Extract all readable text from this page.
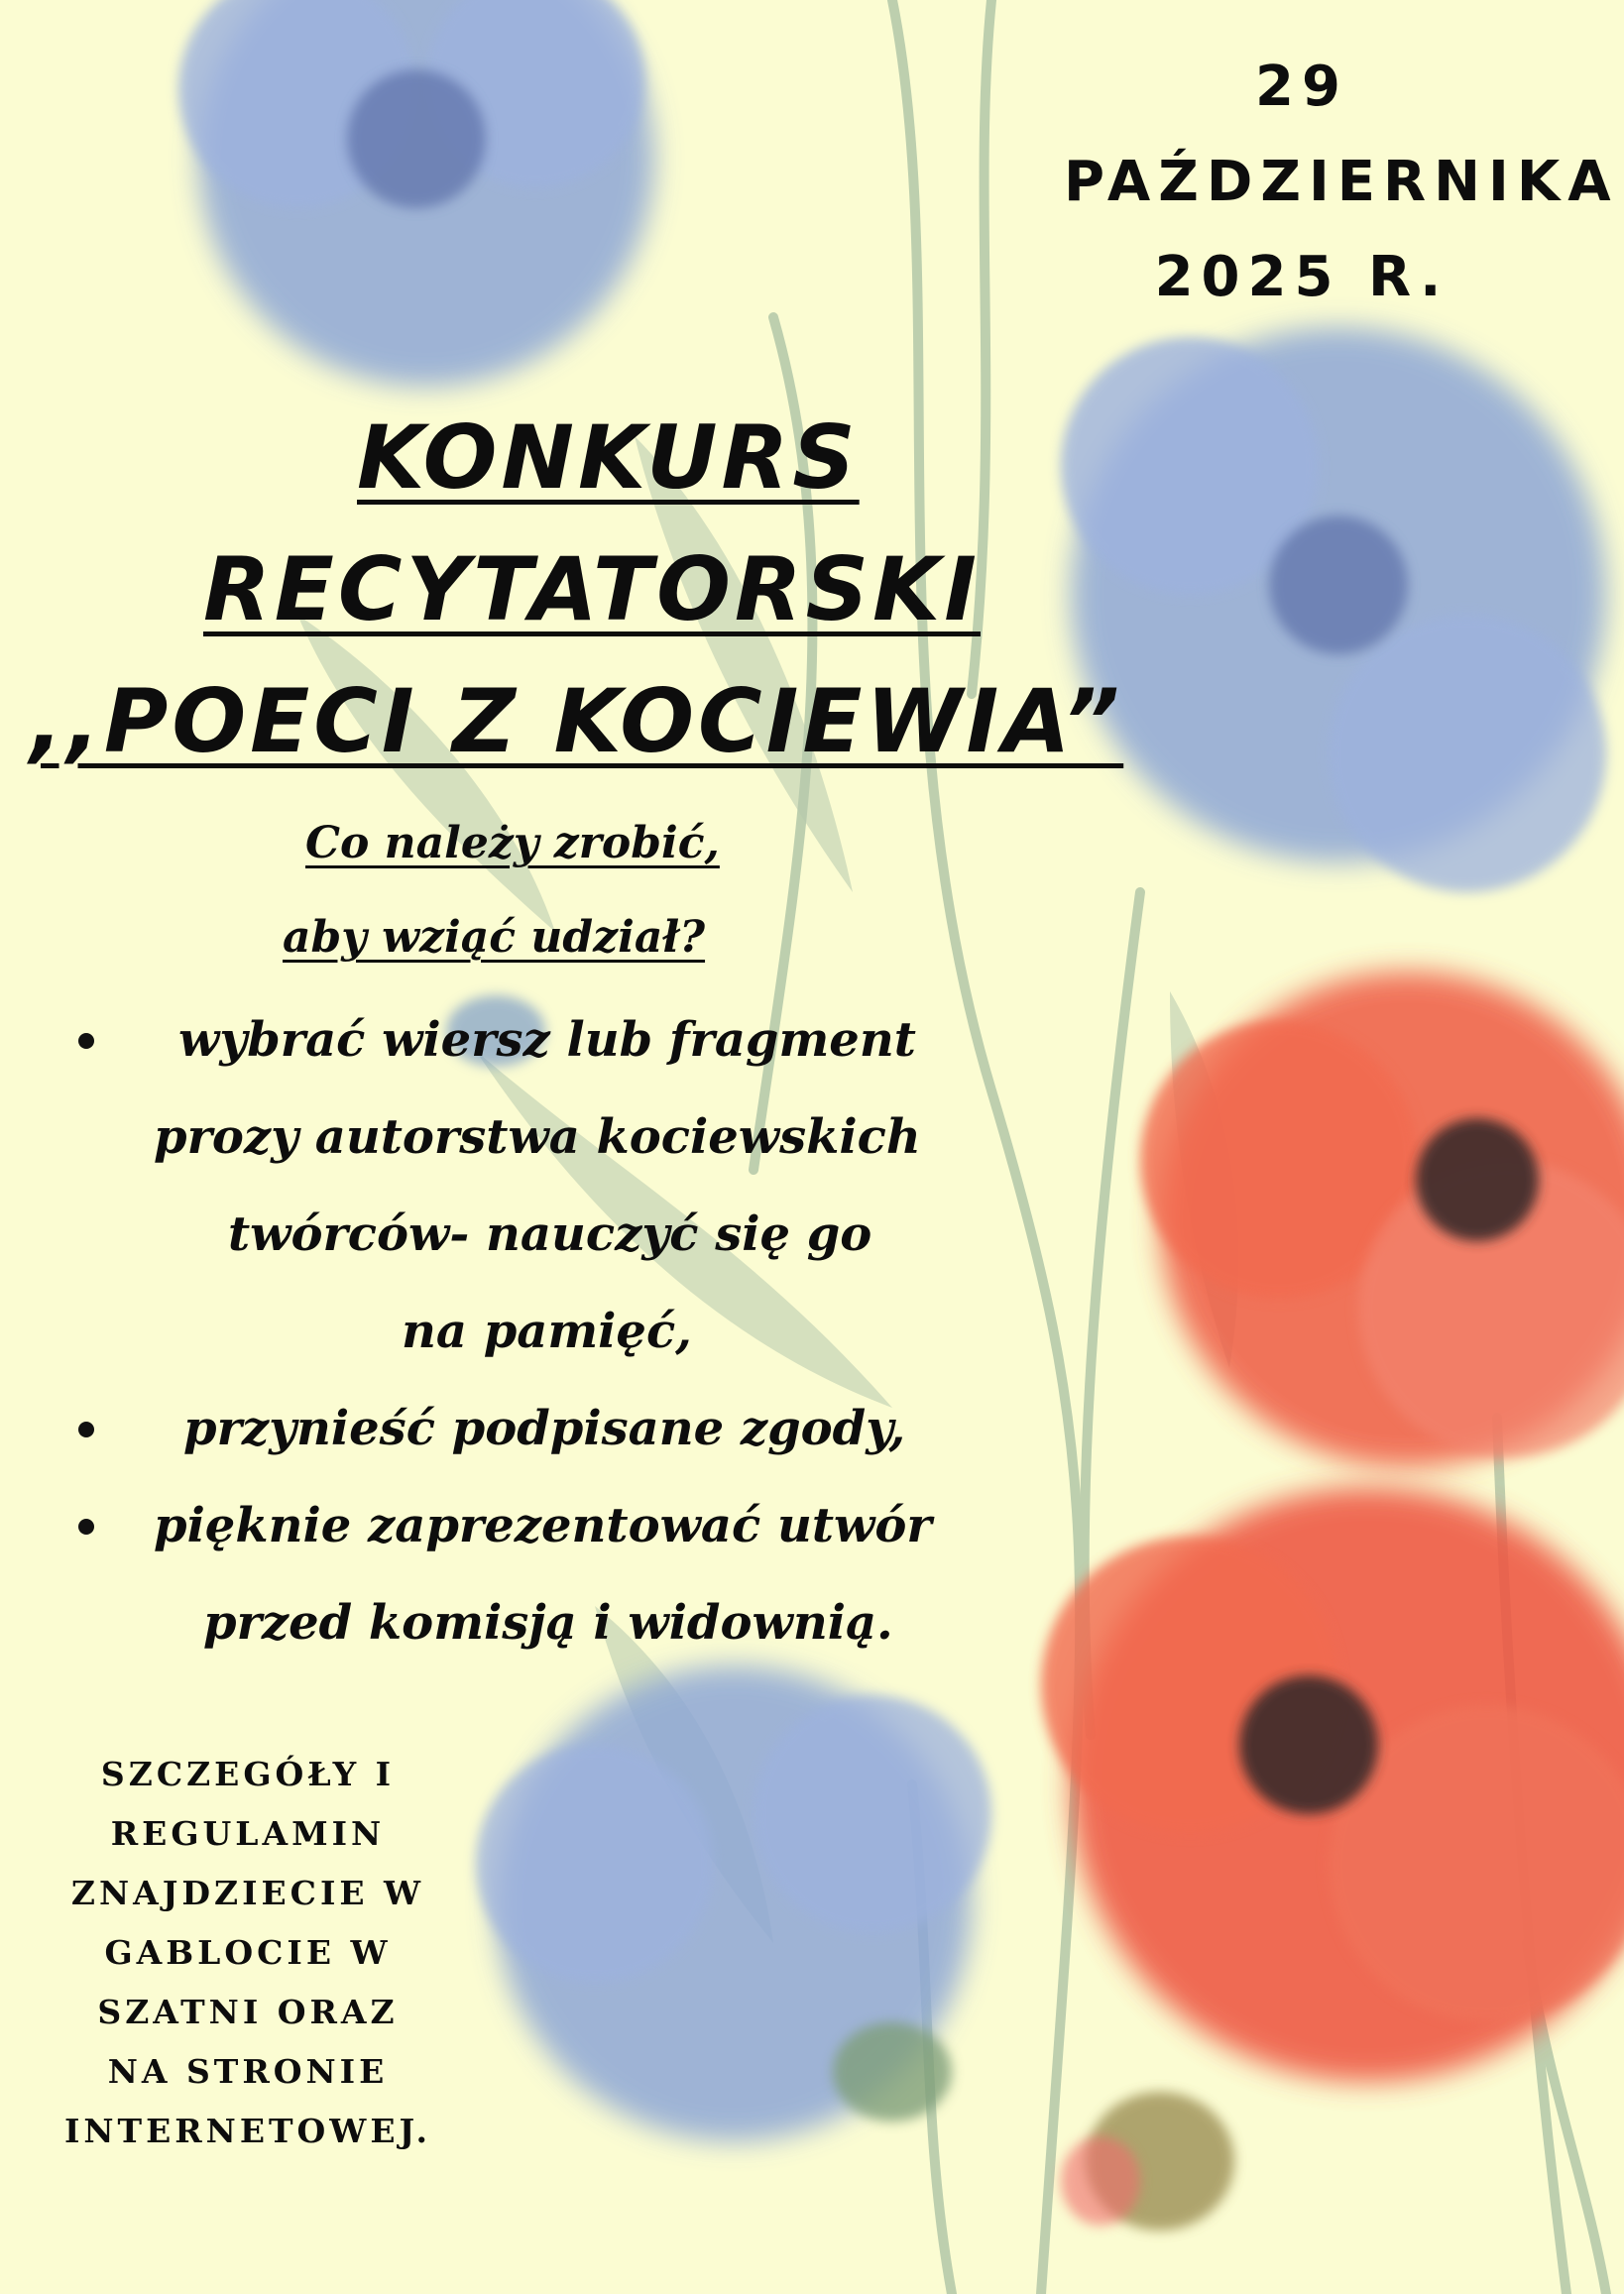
29
PAŹDZIERNIKA
2025 R.
KONKURS
RECYTATORSKI
,,POECI Z KOCIEWIA”
Co należy zrobić,
aby wziąć udział?
wybrać wiersz lub fragment
prozy autorstwa kociewskich
twórców- nauczyć się go
na pamięć,
przynieść podpisane zgody,
pięknie zaprezentować utwór
przed komisją i widownią.
SZCZEGÓŁY I
REGULAMIN
ZNAJDZIECIE W
GABLOCIE W
SZATNI ORAZ
NA STRONIE
INTERNETOWEJ.
